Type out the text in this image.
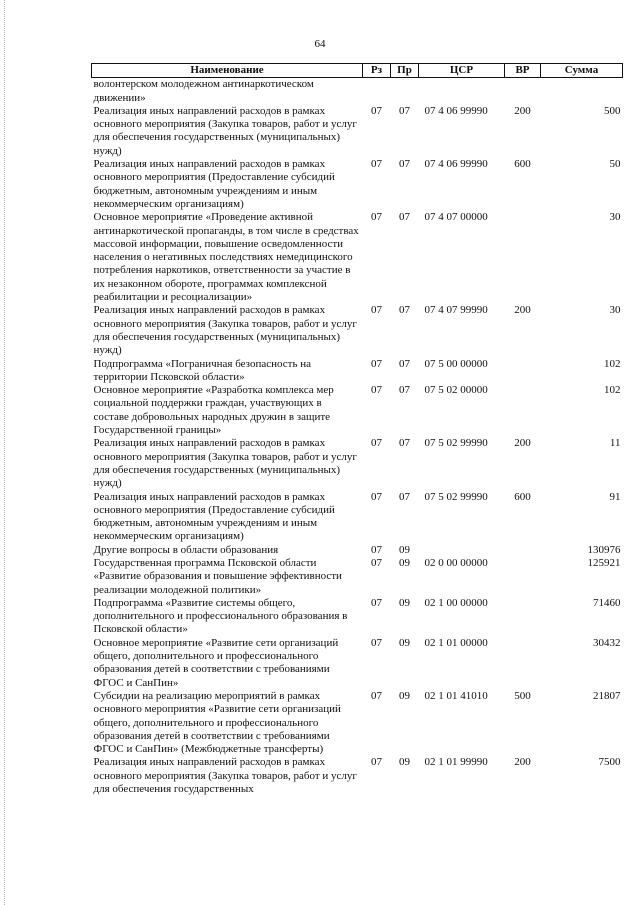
64
Наименование	Рз	Пр	ЦСР	ВР	Сумма
волонтерском молодежном антинаркотическом движении»					
Реализация иных направлений расходов в рамках основного мероприятия (Закупка товаров, работ и услуг для обеспечения государственных (муниципальных) нужд)	07	07	07 4 06 99990	200	500
Реализация иных направлений расходов в рамках основного мероприятия (Предоставление субсидий бюджетным, автономным учреждениям и иным некоммерческим организациям)	07	07	07 4 06 99990	600	50
Основное мероприятие «Проведение активной антинаркотической пропаганды, в том числе в средствах массовой информации, повышение осведомленности населения о негативных последствиях немедицинского потребления наркотиков, ответственности за участие в их незаконном обороте, программах комплексной реабилитации и ресоциализации»	07	07	07 4 07 00000		30
Реализация иных направлений расходов в рамках основного мероприятия (Закупка товаров, работ и услуг для обеспечения государственных (муниципальных) нужд)	07	07	07 4 07 99990	200	30
Подпрограмма «Пограничная безопасность на территории Псковской области»	07	07	07 5 00 00000		102
Основное мероприятие «Разработка комплекса мер социальной поддержки граждан, участвующих в составе добровольных народных дружин в защите Государственной границы»	07	07	07 5 02 00000		102
Реализация иных направлений расходов в рамках основного мероприятия (Закупка товаров, работ и услуг для обеспечения государственных (муниципальных) нужд)	07	07	07 5 02 99990	200	11
Реализация иных направлений расходов в рамках основного мероприятия (Предоставление субсидий бюджетным, автономным учреждениям и иным некоммерческим организациям)	07	07	07 5 02 99990	600	91
Другие вопросы в области образования	07	09			130976
Государственная программа Псковской области «Развитие образования и повышение эффективности реализации молодежной политики»	07	09	02 0 00 00000		125921
Подпрограмма «Развитие системы общего, дополнительного и профессионального образования в Псковской области»	07	09	02 1 00 00000		71460
Основное мероприятие «Развитие сети организаций общего, дополнительного и профессионального образования детей в соответствии с требованиями ФГОС и СанПин»	07	09	02 1 01 00000		30432
Субсидии на реализацию мероприятий в рамках основного мероприятия «Развитие сети организаций общего, дополнительного и профессионального образования детей в соответствии с требованиями ФГОС и СанПин» (Межбюджетные трансферты)	07	09	02 1 01 41010	500	21807
Реализация иных направлений расходов в рамках основного мероприятия (Закупка товаров, работ и услуг для обеспечения государственных	07	09	02 1 01 99990	200	7500
